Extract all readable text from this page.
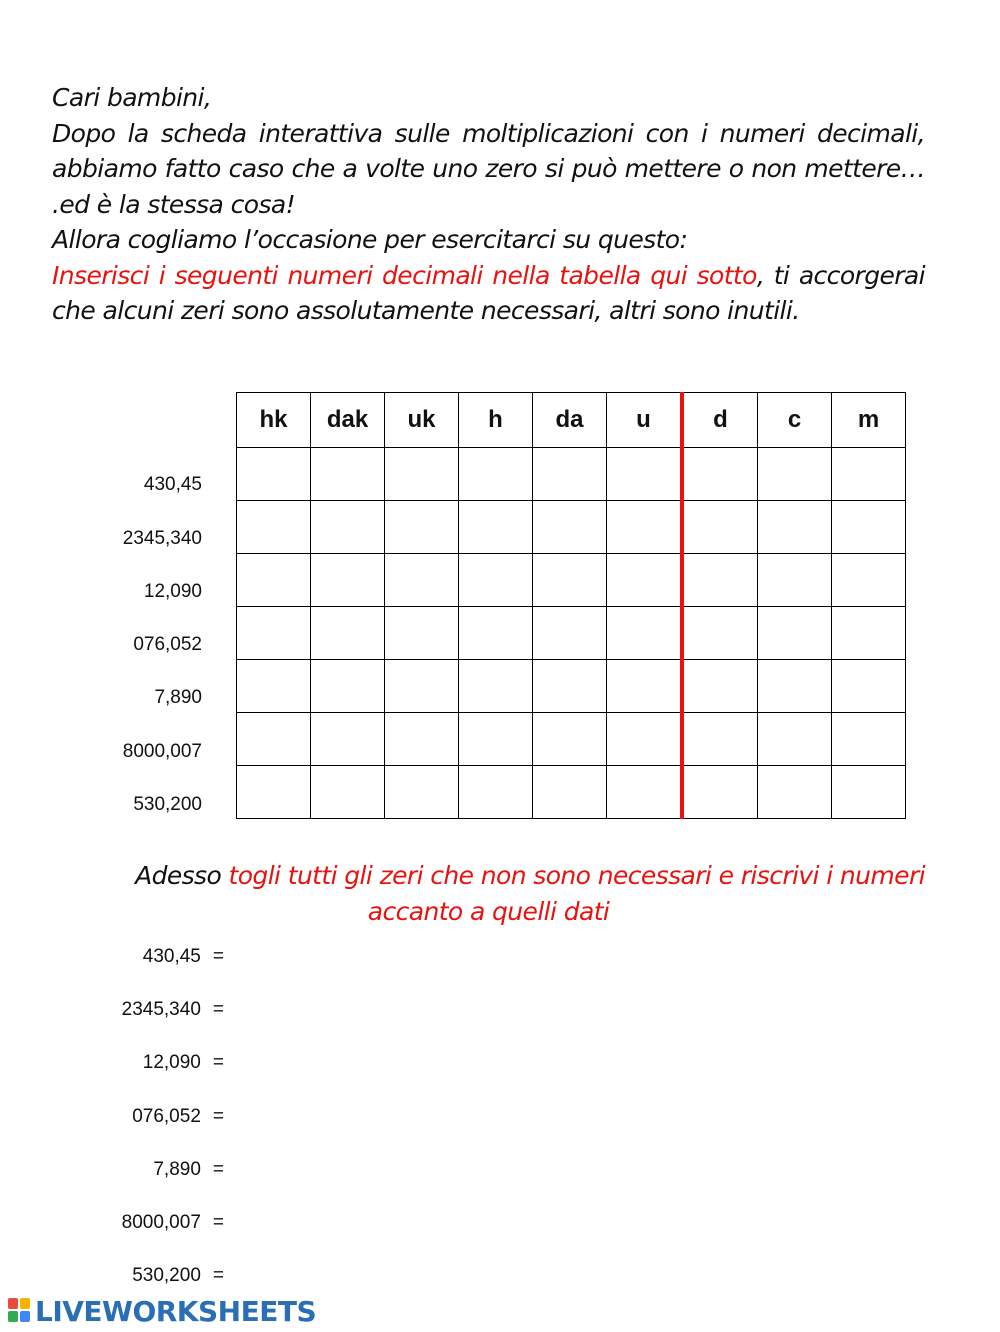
Cari bambini,

Dopo la scheda interattiva sulle moltiplicazioni con i numeri decimali, abbiamo fatto caso che a volte uno zero si può mettere o non mettere… .ed è la stessa cosa!

Allora cogliamo l’occasione per esercitarci su questo:

Inserisci i seguenti numeri decimali nella tabella qui sotto, ti accorgerai che alcuni zeri sono assolutamente necessari, altri sono inutili.

hk	dak	uk	h	da	u	d	c	m

430,45
2345,340
12,090
076,052
7,890
8000,007
530,200

Adesso togli tutti gli zeri che non sono necessari e riscrivi i numeri

accanto a quelli dati

430,45 =
2345,340 =
12,090 =
076,052 =
7,890 =
8000,007 =
530,200 =
LIVEWORKSHEETS
